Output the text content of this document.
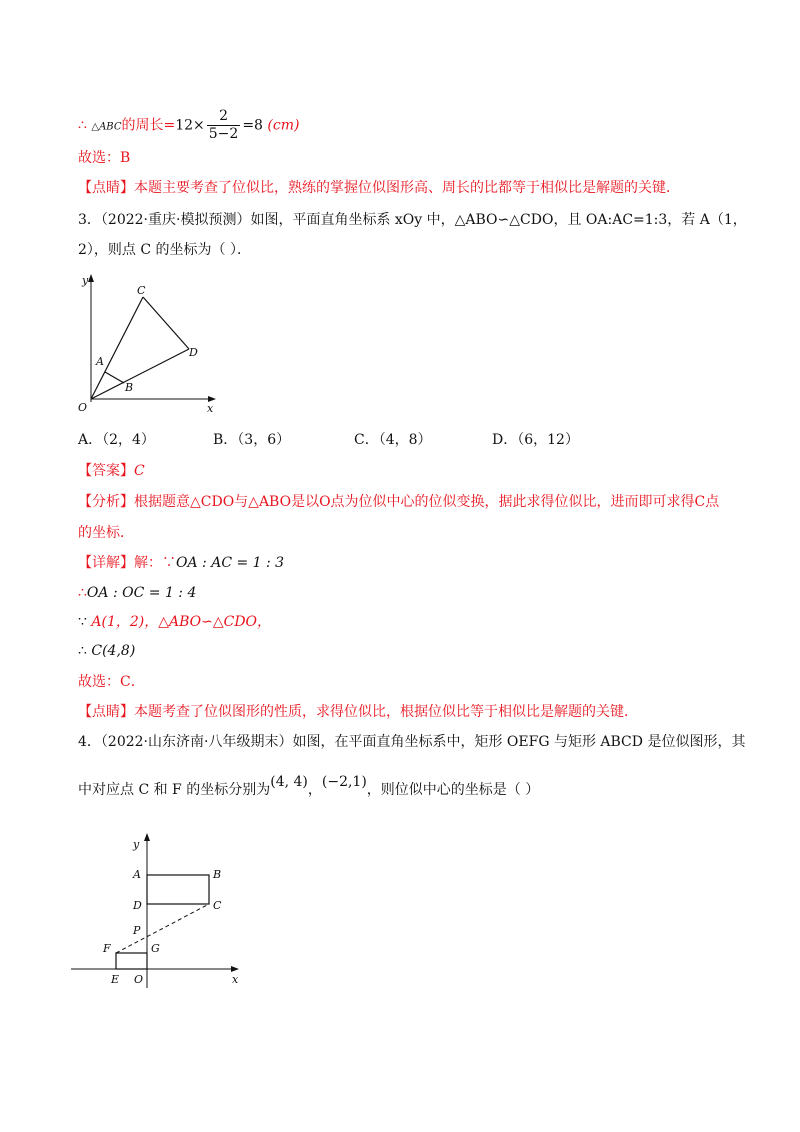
∴ △ABC的周长$=12\times \frac{2}{5-2} =8$ (cm)
故选：B
【点睛】本题主要考查了位似比，熟练的掌握位似图形高、周长的比都等于相似比是解题的关键．
3．（2022·重庆·模拟预测）如图，平面直角坐标系 xOy 中，△ABO∽△CDO，且 OA:AC=1:3，若 A（1，
2），则点 C 的坐标为（ ）．
y
x
O
A
B
C
D
A．（2，4）	B．（3，6）	C．（4，8）	D．（6，12）
【答案】C
【分析】根据题意△CDO与△ABO是以O点为位似中心的位似变换，据此求得位似比，进而即可求得C点
的坐标．
【详解】解：∵OA : AC = 1 : 3
∴OA : OC = 1 : 4
∵ A(1，2)，△ABO∽△CDO，
∴ C(4,8)
故选：C．
【点睛】本题考查了位似图形的性质，求得位似比，根据位似比等于相似比是解题的关键．
4．（2022·山东济南·八年级期末）如图，在平面直角坐标系中，矩形 OEFG 与矩形 ABCD 是位似图形，其
中对应点 C 和 F 的坐标分别为(4, 4)，(−2,1)，则位似中心的坐标是（ ）
y
x
A	B
C
D
P
F	G
E O
